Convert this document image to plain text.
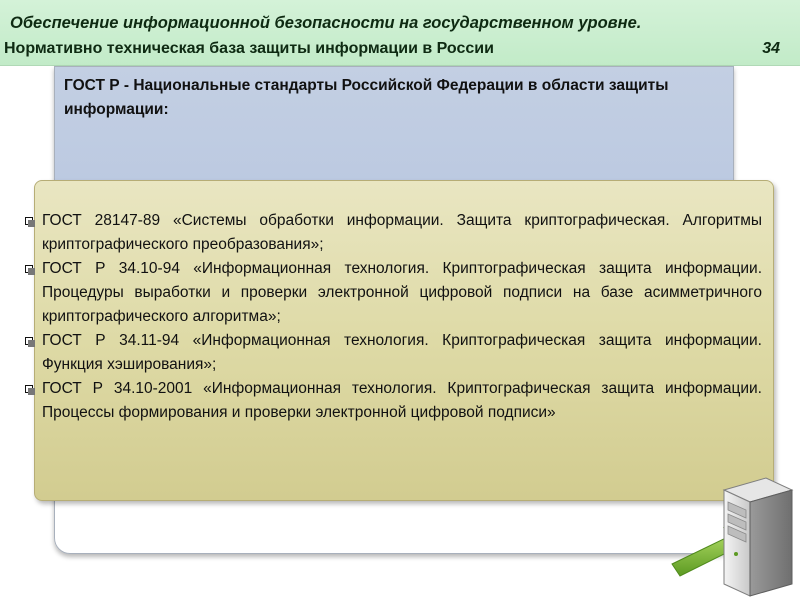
Обеспечение информационной безопасности на государственном уровне.
Нормативно техническая база защиты информации в России	34
ГОСТ Р - Национальные стандарты Российской Федерации в области защиты информации:
ГОСТ 28147-89 «Системы обработки информации. Защита криптографическая. Алгоритмы криптографического преобразования»;
ГОСТ Р 34.10-94 «Информационная технология. Криптографическая защита информации. Процедуры выработки и проверки электронной цифровой подписи на базе асимметричного криптографического алгоритма»;
ГОСТ Р 34.11-94 «Информационная технология. Криптографическая защита информации. Функция хэширования»;
ГОСТ Р 34.10-2001 «Информационная технология. Криптографическая защита информации. Процессы формирования и проверки электронной цифровой подписи»
